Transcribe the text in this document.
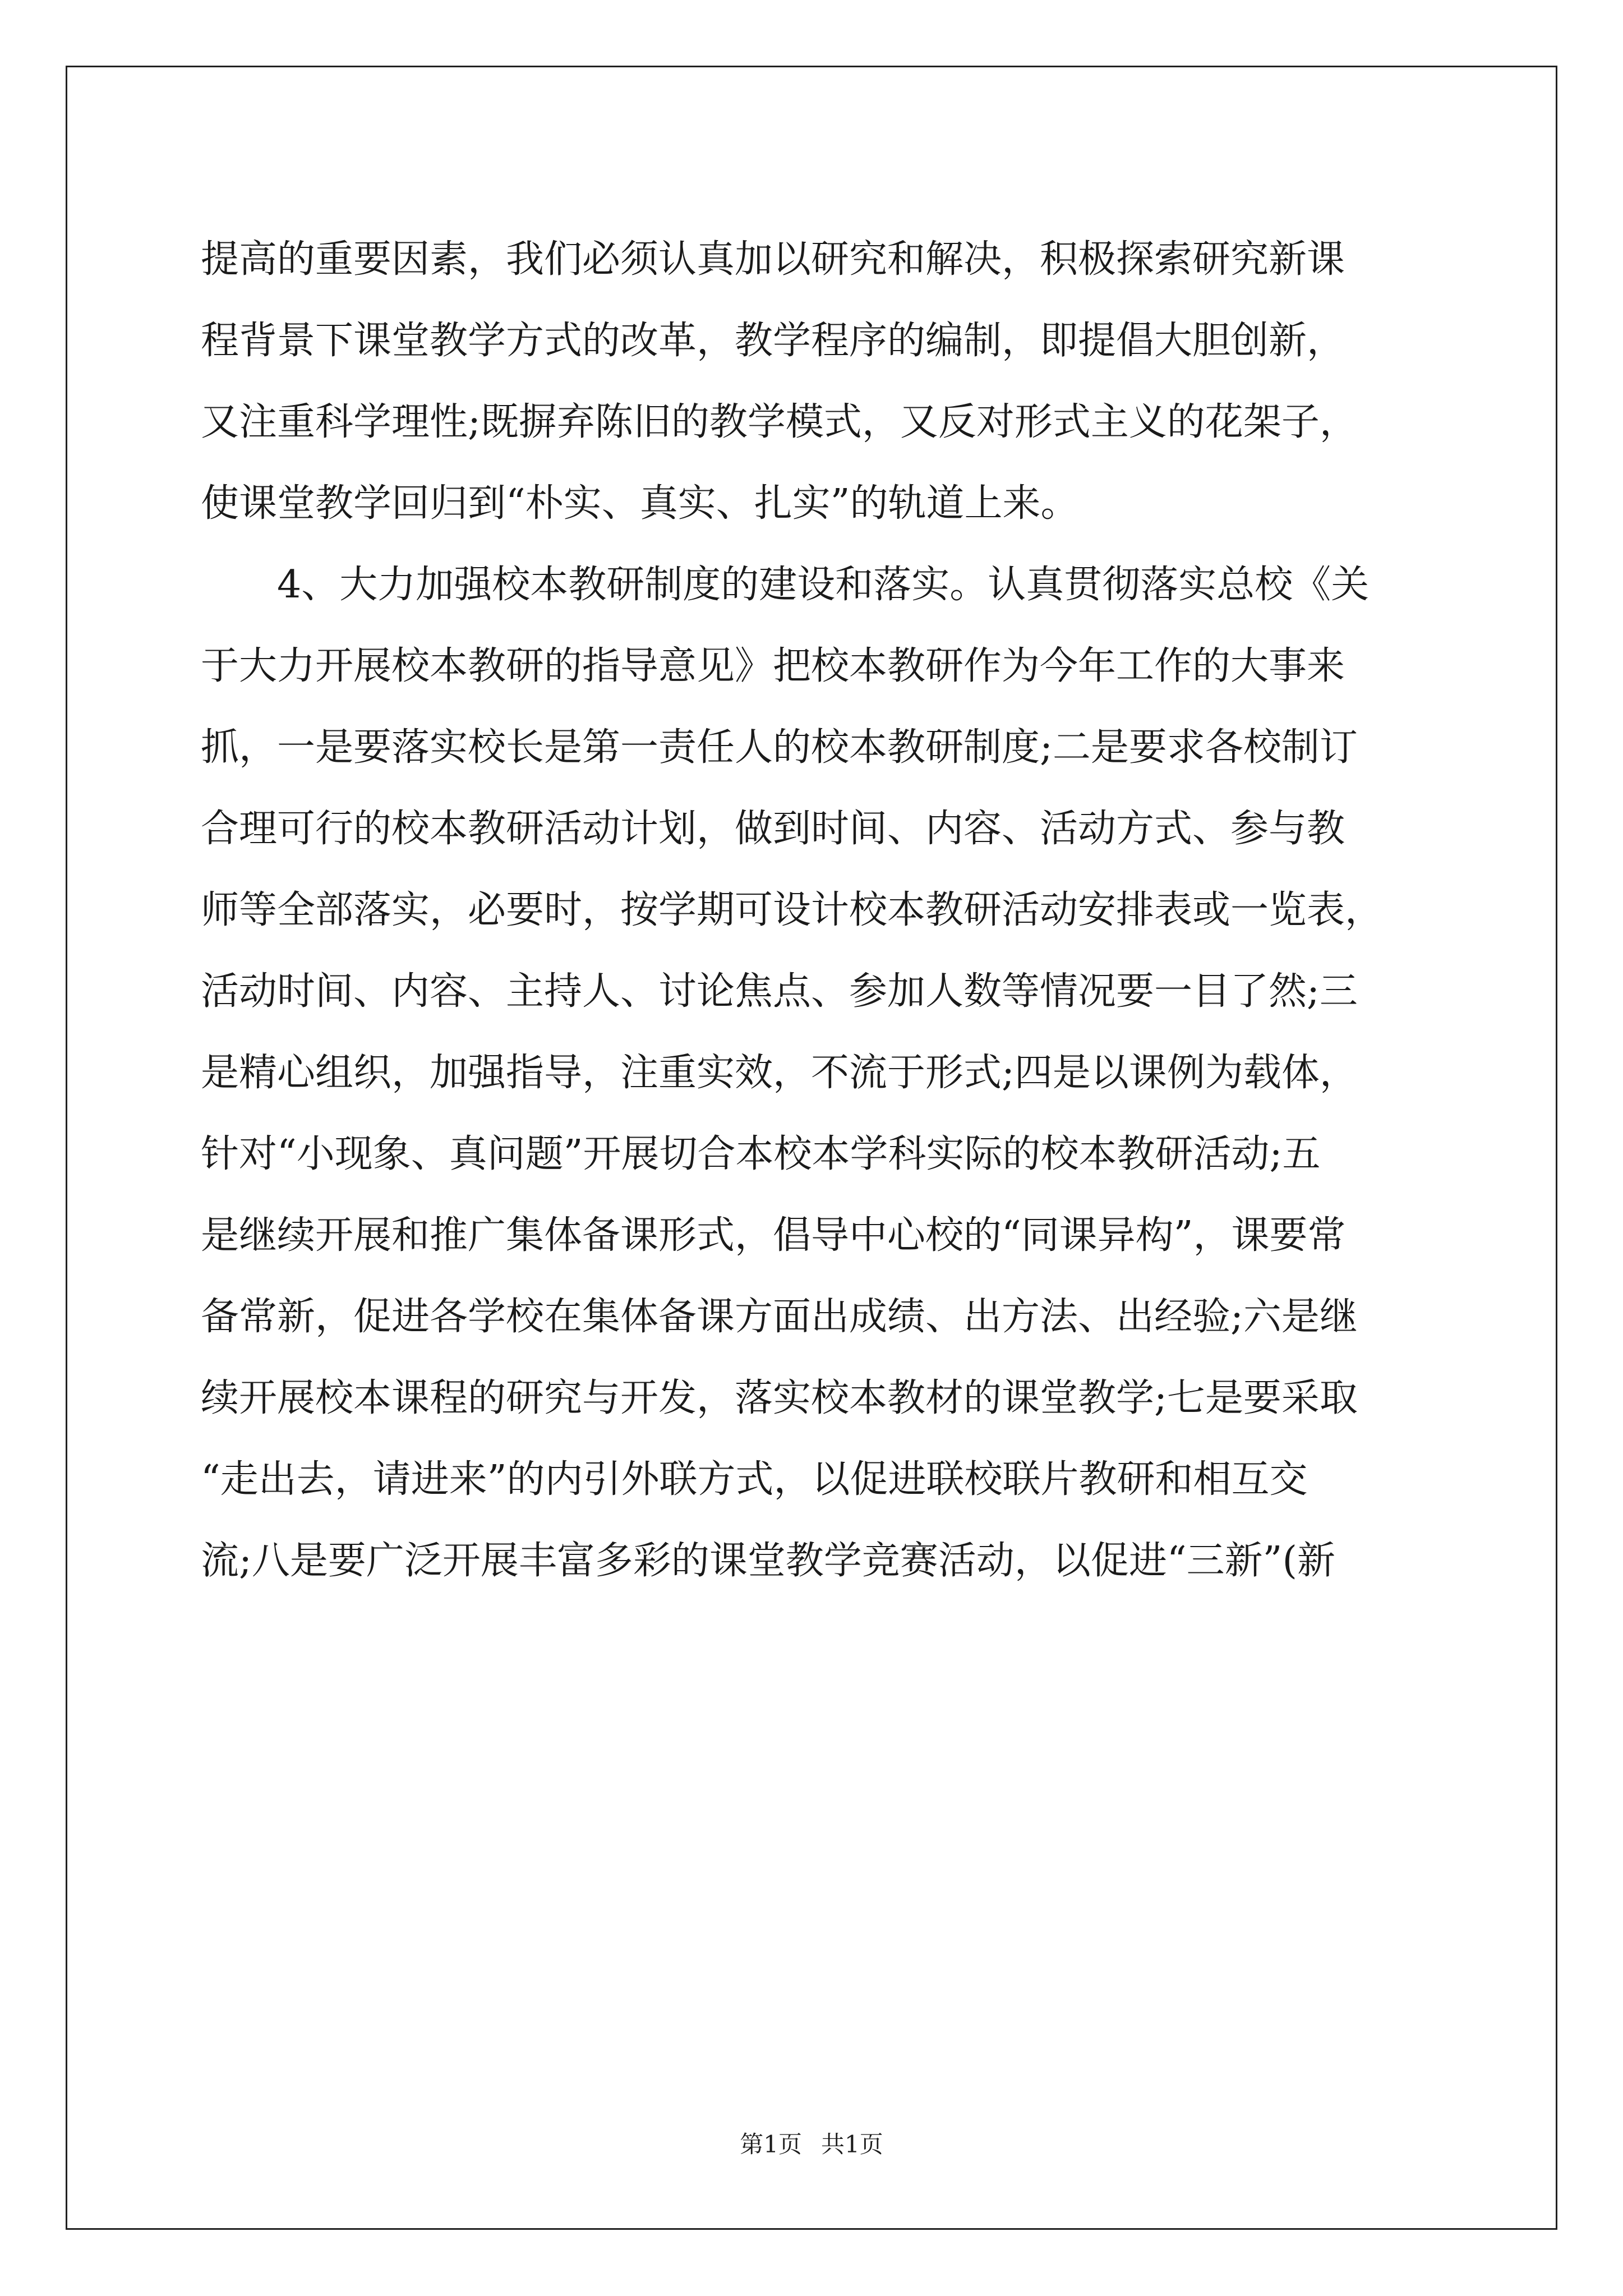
提高的重要因素，我们必须认真加以研究和解决，积极探索研究新课
程背景下课堂教学方式的改革，教学程序的编制，即提倡大胆创新，
又注重科学理性;既摒弃陈旧的教学模式，又反对形式主义的花架子，
使课堂教学回归到“朴实、真实、扎实”的轨道上来。
4、大力加强校本教研制度的建设和落实。认真贯彻落实总校《关
于大力开展校本教研的指导意见》把校本教研作为今年工作的大事来
抓，一是要落实校长是第一责任人的校本教研制度;二是要求各校制订
合理可行的校本教研活动计划，做到时间、内容、活动方式、参与教
师等全部落实，必要时，按学期可设计校本教研活动安排表或一览表，
活动时间、内容、主持人、讨论焦点、参加人数等情况要一目了然;三
是精心组织，加强指导，注重实效，不流于形式;四是以课例为载体，
针对“小现象、真问题”开展切合本校本学科实际的校本教研活动;五
是继续开展和推广集体备课形式，倡导中心校的“同课异构”，课要常
备常新，促进各学校在集体备课方面出成绩、出方法、出经验;六是继
续开展校本课程的研究与开发，落实校本教材的课堂教学;七是要采取
“走出去，请进来”的内引外联方式，以促进联校联片教研和相互交
流;八是要广泛开展丰富多彩的课堂教学竞赛活动，以促进“三新”(新
第1页 共1页
